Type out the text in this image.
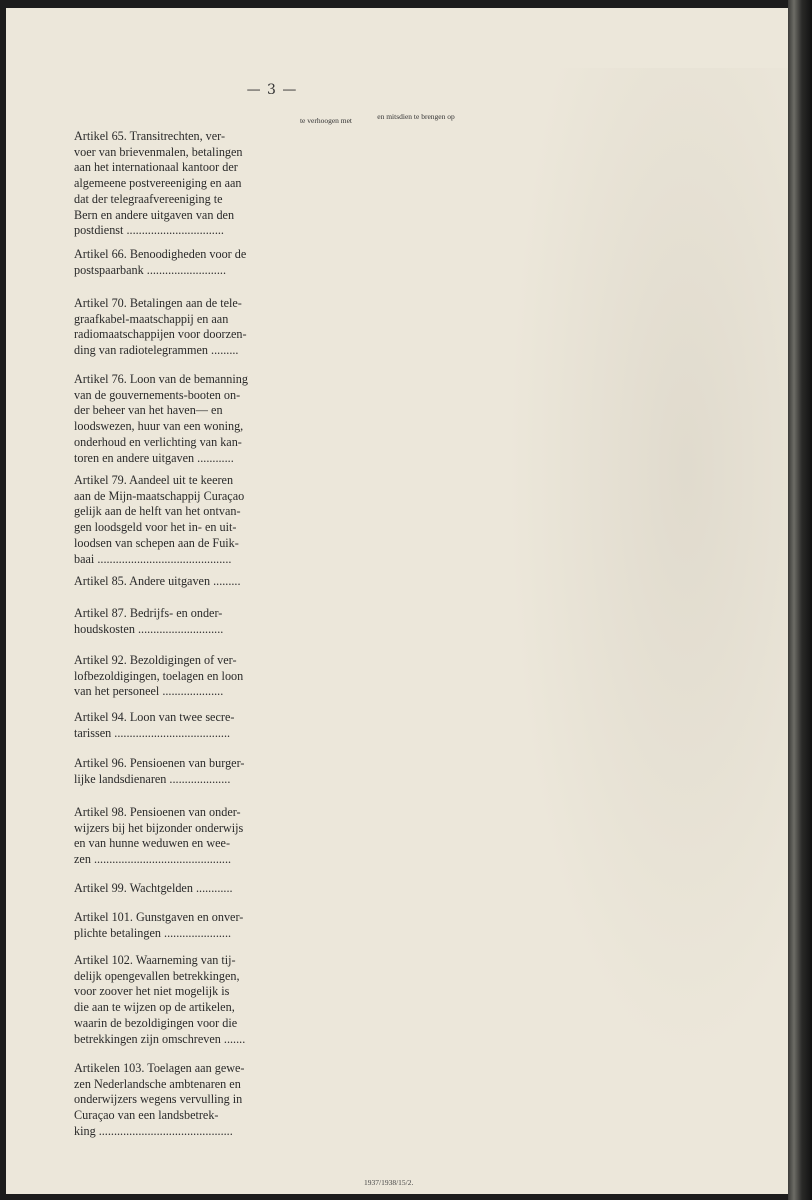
— 3 —
te verhoogen met	en mitsdien te brengen op
Artikel 65. Transitrechten, ver-
voer van brievenmalen, betalingen
aan het internationaal kantoor der
algemeene postvereeniging en aan
dat der telegraafvereeniging te
Bern en andere uitgaven van den
postdienst ................................
Artikel 66. Benoodigheden voor de
postspaarbank ..........................
Artikel 70. Betalingen aan de tele-
graafkabel-maatschappij en aan
radiomaatschappijen voor doorzen-
ding van radiotelegrammen .........
Artikel 76. Loon van de bemanning
van de gouvernements-booten on-
der beheer van het haven— en
loodswezen, huur van een woning,
onderhoud en verlichting van kan-
toren en andere uitgaven ............
Artikel 79. Aandeel uit te keeren
aan de Mijn-maatschappij Curaçao
gelijk aan de helft van het ontvan-
gen loodsgeld voor het in- en uit-
loodsen van schepen aan de Fuik-
baai ............................................
Artikel 85. Andere uitgaven .........
Artikel 87. Bedrijfs- en onder-
houdskosten ............................
Artikel 92. Bezoldigingen of ver-
lofbezoldigingen, toelagen en loon
van het personeel ....................
Artikel 94. Loon van twee secre-
tarissen ......................................
Artikel 96. Pensioenen van burger-
lijke landsdienaren ....................
Artikel 98. Pensioenen van onder-
wijzers bij het bijzonder onderwijs
en van hunne weduwen en wee-
zen .............................................
Artikel 99. Wachtgelden ............
Artikel 101. Gunstgaven en onver-
plichte betalingen ......................
Artikel 102. Waarneming van tij-
delijk opengevallen betrekkingen,
voor zoover het niet mogelijk is
die aan te wijzen op de artikelen,
waarin de bezoldigingen voor die
betrekkingen zijn omschreven .......
Artikelen 103. Toelagen aan gewe-
zen Nederlandsche ambtenaren en
onderwijzers wegens vervulling in
Curaçao van een landsbetrek-
king ............................................
1937/1938/15/2.
